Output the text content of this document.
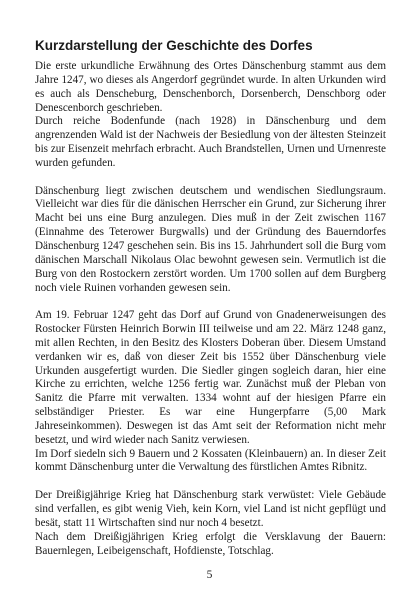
Kurzdarstellung der Geschichte des Dorfes

Die erste urkundliche Erwähnung des Ortes Dänschenburg stammt aus dem Jahre 1247, wo dieses als Angerdorf gegründet wurde. In alten Urkunden wird es auch als Denscheburg, Denschenborch, Dorsenberch, Denschborg oder Denescenborch geschrieben.

Durch reiche Bodenfunde (nach 1928) in Dänschenburg und dem angrenzenden Wald ist der Nachweis der Besiedlung von der ältesten Steinzeit bis zur Eisenzeit mehrfach erbracht. Auch Brandstellen, Urnen und Urnenreste wurden gefunden.

Dänschenburg liegt zwischen deutschem und wendischen Siedlungsraum. Vielleicht war dies für die dänischen Herrscher ein Grund, zur Sicherung ihrer Macht bei uns eine Burg anzulegen. Dies muß in der Zeit zwischen 1167 (Einnahme des Teterower Burgwalls) und der Gründung des Bauerndorfes Dänschenburg 1247 geschehen sein. Bis ins 15. Jahrhundert soll die Burg vom dänischen Marschall Nikolaus Olac bewohnt gewesen sein. Vermutlich ist die Burg von den Rostockern zerstört worden. Um 1700 sollen auf dem Burgberg noch viele Ruinen vorhanden gewesen sein.

Am 19. Februar 1247 geht das Dorf auf Grund von Gnadenerweisungen des Rostocker Fürsten Heinrich Borwin III teilweise und am 22. März 1248 ganz, mit allen Rechten, in den Besitz des Klosters Doberan über. Diesem Umstand verdanken wir es, daß von dieser Zeit bis 1552 über Dänschenburg viele Urkunden ausgefertigt wurden. Die Siedler gingen sogleich daran, hier eine Kirche zu errichten, welche 1256 fertig war. Zunächst muß der Pleban von Sanitz die Pfarre mit verwalten. 1334 wohnt auf der hiesigen Pfarre ein selbständiger Priester. Es war eine Hungerpfarre (5,00 Mark Jahreseinkommen). Deswegen ist das Amt seit der Reformation nicht mehr besetzt, und wird wieder nach Sanitz verwiesen.

Im Dorf siedeln sich 9 Bauern und 2 Kossaten (Kleinbauern) an. In dieser Zeit kommt Dänschenburg unter die Verwaltung des fürstlichen Amtes Ribnitz.

Der Dreißigjährige Krieg hat Dänschenburg stark verwüstet: Viele Gebäude sind verfallen, es gibt wenig Vieh, kein Korn, viel Land ist nicht gepflügt und besät, statt 11 Wirtschaften sind nur noch 4 besetzt.

Nach dem Dreißigjährigen Krieg erfolgt die Versklavung der Bauern: Bauernlegen, Leibeigenschaft, Hofdienste, Totschlag.

5
